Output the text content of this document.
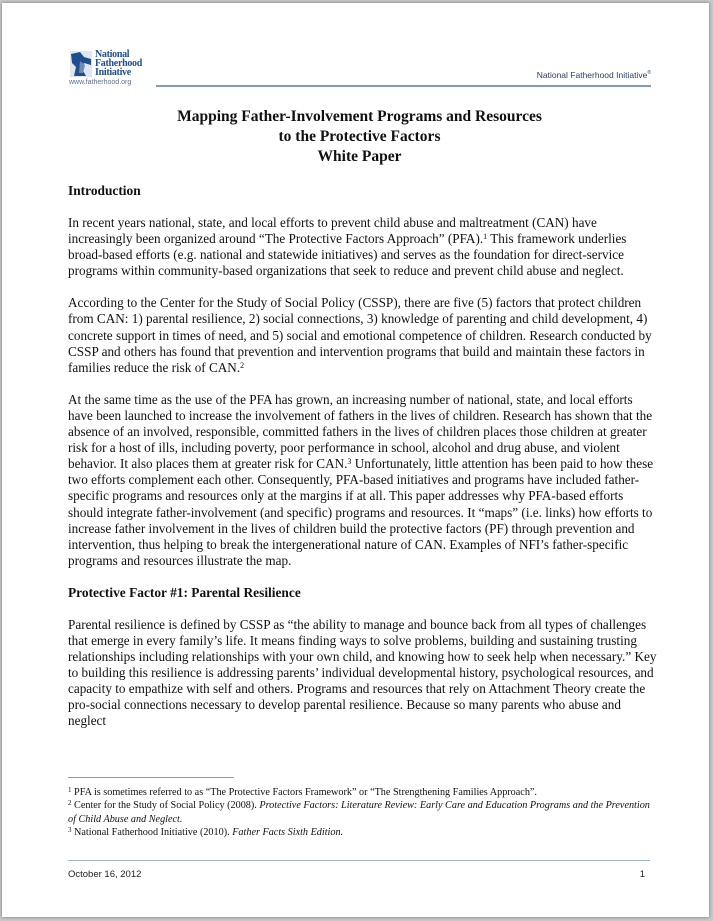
National
Fatherhood
Initiative
www.fatherhood.org
National Fatherhood Initiative®
Mapping Father-Involvement Programs and Resources
to the Protective Factors
White Paper
Introduction

In recent years national, state, and local efforts to prevent child abuse and maltreatment (CAN) have increasingly been organized around “The Protective Factors Approach” (PFA).$^1$ This framework underlies broad-based efforts (e.g. national and statewide initiatives) and serves as the foundation for direct-service programs within community-based organizations that seek to reduce and prevent child abuse and neglect.

According to the Center for the Study of Social Policy (CSSP), there are five (5) factors that protect children from CAN: 1) parental resilience, 2) social connections, 3) knowledge of parenting and child development, 4) concrete support in times of need, and 5) social and emotional competence of children. Research conducted by CSSP and others has found that prevention and intervention programs that build and maintain these factors in families reduce the risk of CAN.$^2$

At the same time as the use of the PFA has grown, an increasing number of national, state, and local efforts have been launched to increase the involvement of fathers in the lives of children. Research has shown that the absence of an involved, responsible, committed fathers in the lives of children places those children at greater risk for a host of ills, including poverty, poor performance in school, alcohol and drug abuse, and violent behavior. It also places them at greater risk for CAN.$^3$ Unfortunately, little attention has been paid to how these two efforts complement each other. Consequently, PFA-based initiatives and programs have included father-specific programs and resources only at the margins if at all. This paper addresses why PFA-based efforts should integrate father-involvement (and specific) programs and resources. It “maps” (i.e. links) how efforts to increase father involvement in the lives of children build the protective factors (PF) through prevention and intervention, thus helping to break the intergenerational nature of CAN. Examples of NFI’s father-specific programs and resources illustrate the map.

Protective Factor #1: Parental Resilience

Parental resilience is defined by CSSP as “the ability to manage and bounce back from all types of challenges that emerge in every family’s life. It means finding ways to solve problems, building and sustaining trusting relationships including relationships with your own child, and knowing how to seek help when necessary.” Key to building this resilience is addressing parents’ individual developmental history, psychological resources, and capacity to empathize with self and others. Programs and resources that rely on Attachment Theory create the pro-social connections necessary to develop parental resilience. Because so many parents who abuse and neglect

$^1$ PFA is sometimes referred to as “The Protective Factors Framework” or “The Strengthening Families Approach”.
$^2$ Center for the Study of Social Policy (2008). Protective Factors: Literature Review: Early Care and Education Programs and the Prevention of Child Abuse and Neglect.
$^3$ National Fatherhood Initiative (2010). Father Facts Sixth Edition.
October 16, 2012	1
